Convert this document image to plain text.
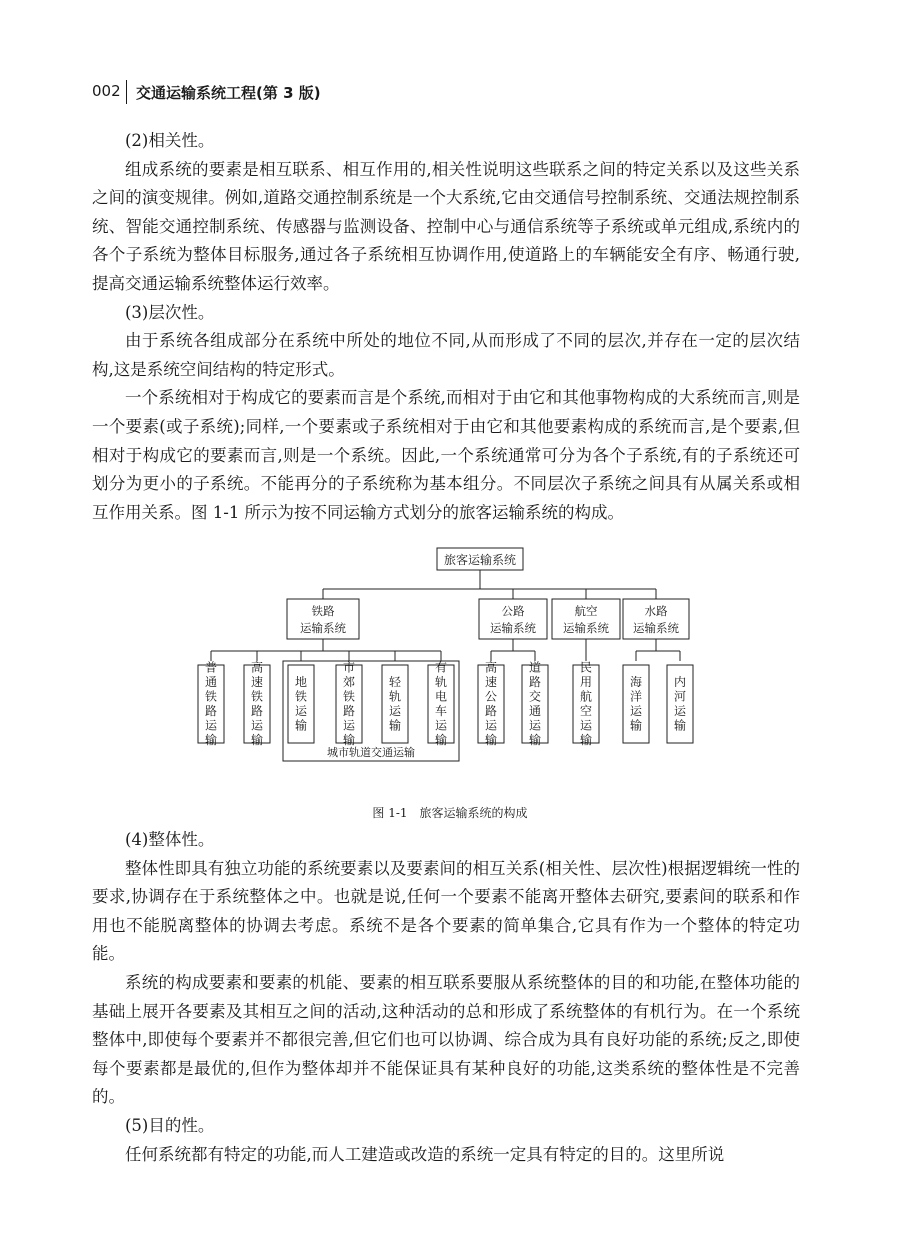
002 交通运输系统工程(第 3 版)

(2)相关性。

组成系统的要素是相互联系、相互作用的,相关性说明这些联系之间的特定关系以及这些关系之间的演变规律。例如,道路交通控制系统是一个大系统,它由交通信号控制系统、交通法规控制系统、智能交通控制系统、传感器与监测设备、控制中心与通信系统等子系统或单元组成,系统内的各个子系统为整体目标服务,通过各子系统相互协调作用,使道路上的车辆能安全有序、畅通行驶,提高交通运输系统整体运行效率。

(3)层次性。

由于系统各组成部分在系统中所处的地位不同,从而形成了不同的层次,并存在一定的层次结构,这是系统空间结构的特定形式。

一个系统相对于构成它的要素而言是个系统,而相对于由它和其他事物构成的大系统而言,则是一个要素(或子系统);同样,一个要素或子系统相对于由它和其他要素构成的系统而言,是个要素,但相对于构成它的要素而言,则是一个系统。因此,一个系统通常可分为各个子系统,有的子系统还可划分为更小的子系统。不能再分的子系统称为基本组分。不同层次子系统之间具有从属关系或相互作用关系。图 1-1 所示为按不同运输方式划分的旅客运输系统的构成。

旅客运输系统
铁路
运输系统
公路
运输系统
航空
运输系统
水路
运输系统
城市轨道交通运输
普通铁路运输
高速铁路运输
地铁运输
市郊铁路运输
轻轨运输
有轨电车运输
高速公路运输
道路交通运输
民用航空运输
海洋运输
内河运输
图 1-1　旅客运输系统的构成

(4)整体性。

整体性即具有独立功能的系统要素以及要素间的相互关系(相关性、层次性)根据逻辑统一性的要求,协调存在于系统整体之中。也就是说,任何一个要素不能离开整体去研究,要素间的联系和作用也不能脱离整体的协调去考虑。系统不是各个要素的简单集合,它具有作为一个整体的特定功能。

系统的构成要素和要素的机能、要素的相互联系要服从系统整体的目的和功能,在整体功能的基础上展开各要素及其相互之间的活动,这种活动的总和形成了系统整体的有机行为。在一个系统整体中,即使每个要素并不都很完善,但它们也可以协调、综合成为具有良好功能的系统;反之,即使每个要素都是最优的,但作为整体却并不能保证具有某种良好的功能,这类系统的整体性是不完善的。

(5)目的性。

任何系统都有特定的功能,而人工建造或改造的系统一定具有特定的目的。这里所说
